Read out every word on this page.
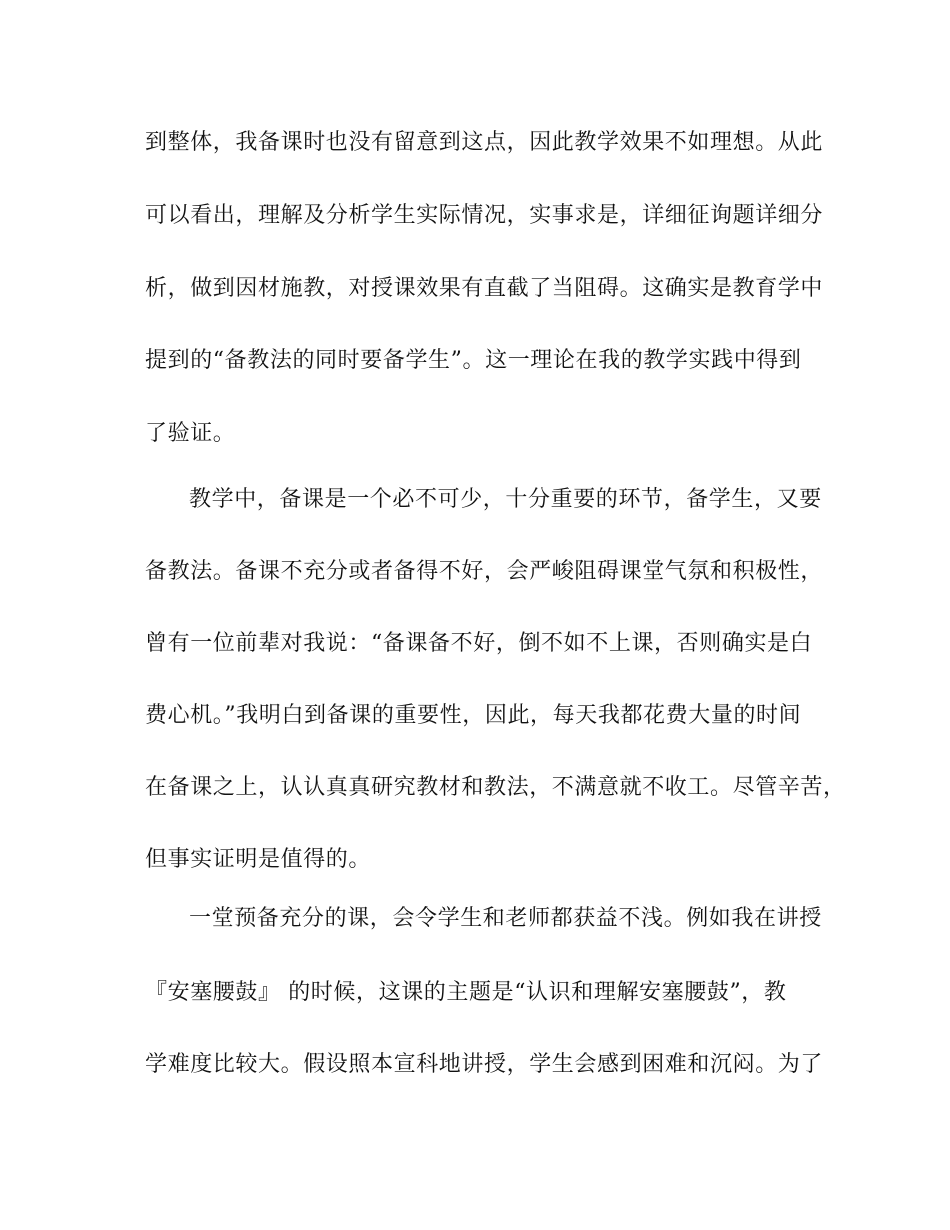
到整体，我备课时也没有留意到这点，因此教学效果不如理想。从此
可以看出，理解及分析学生实际情况，实事求是，详细征询题详细分
析，做到因材施教，对授课效果有直截了当阻碍。这确实是教育学中
提到的“备教法的同时要备学生”。这一理论在我的教学实践中得到
了验证。
教学中，备课是一个必不可少，十分重要的环节，备学生，又要
备教法。备课不充分或者备得不好，会严峻阻碍课堂气氛和积极性，
曾有一位前辈对我说：“备课备不好，倒不如不上课，否则确实是白
费心机。”我明白到备课的重要性，因此，每天我都花费大量的时间
在备课之上，认认真真研究教材和教法，不满意就不收工。尽管辛苦，
但事实证明是值得的。
一堂预备充分的课，会令学生和老师都获益不浅。例如我在讲授
『安塞腰鼓』 的时候，这课的主题是“认识和理解安塞腰鼓”，教
学难度比较大。假设照本宣科地讲授，学生会感到困难和沉闷。为了
